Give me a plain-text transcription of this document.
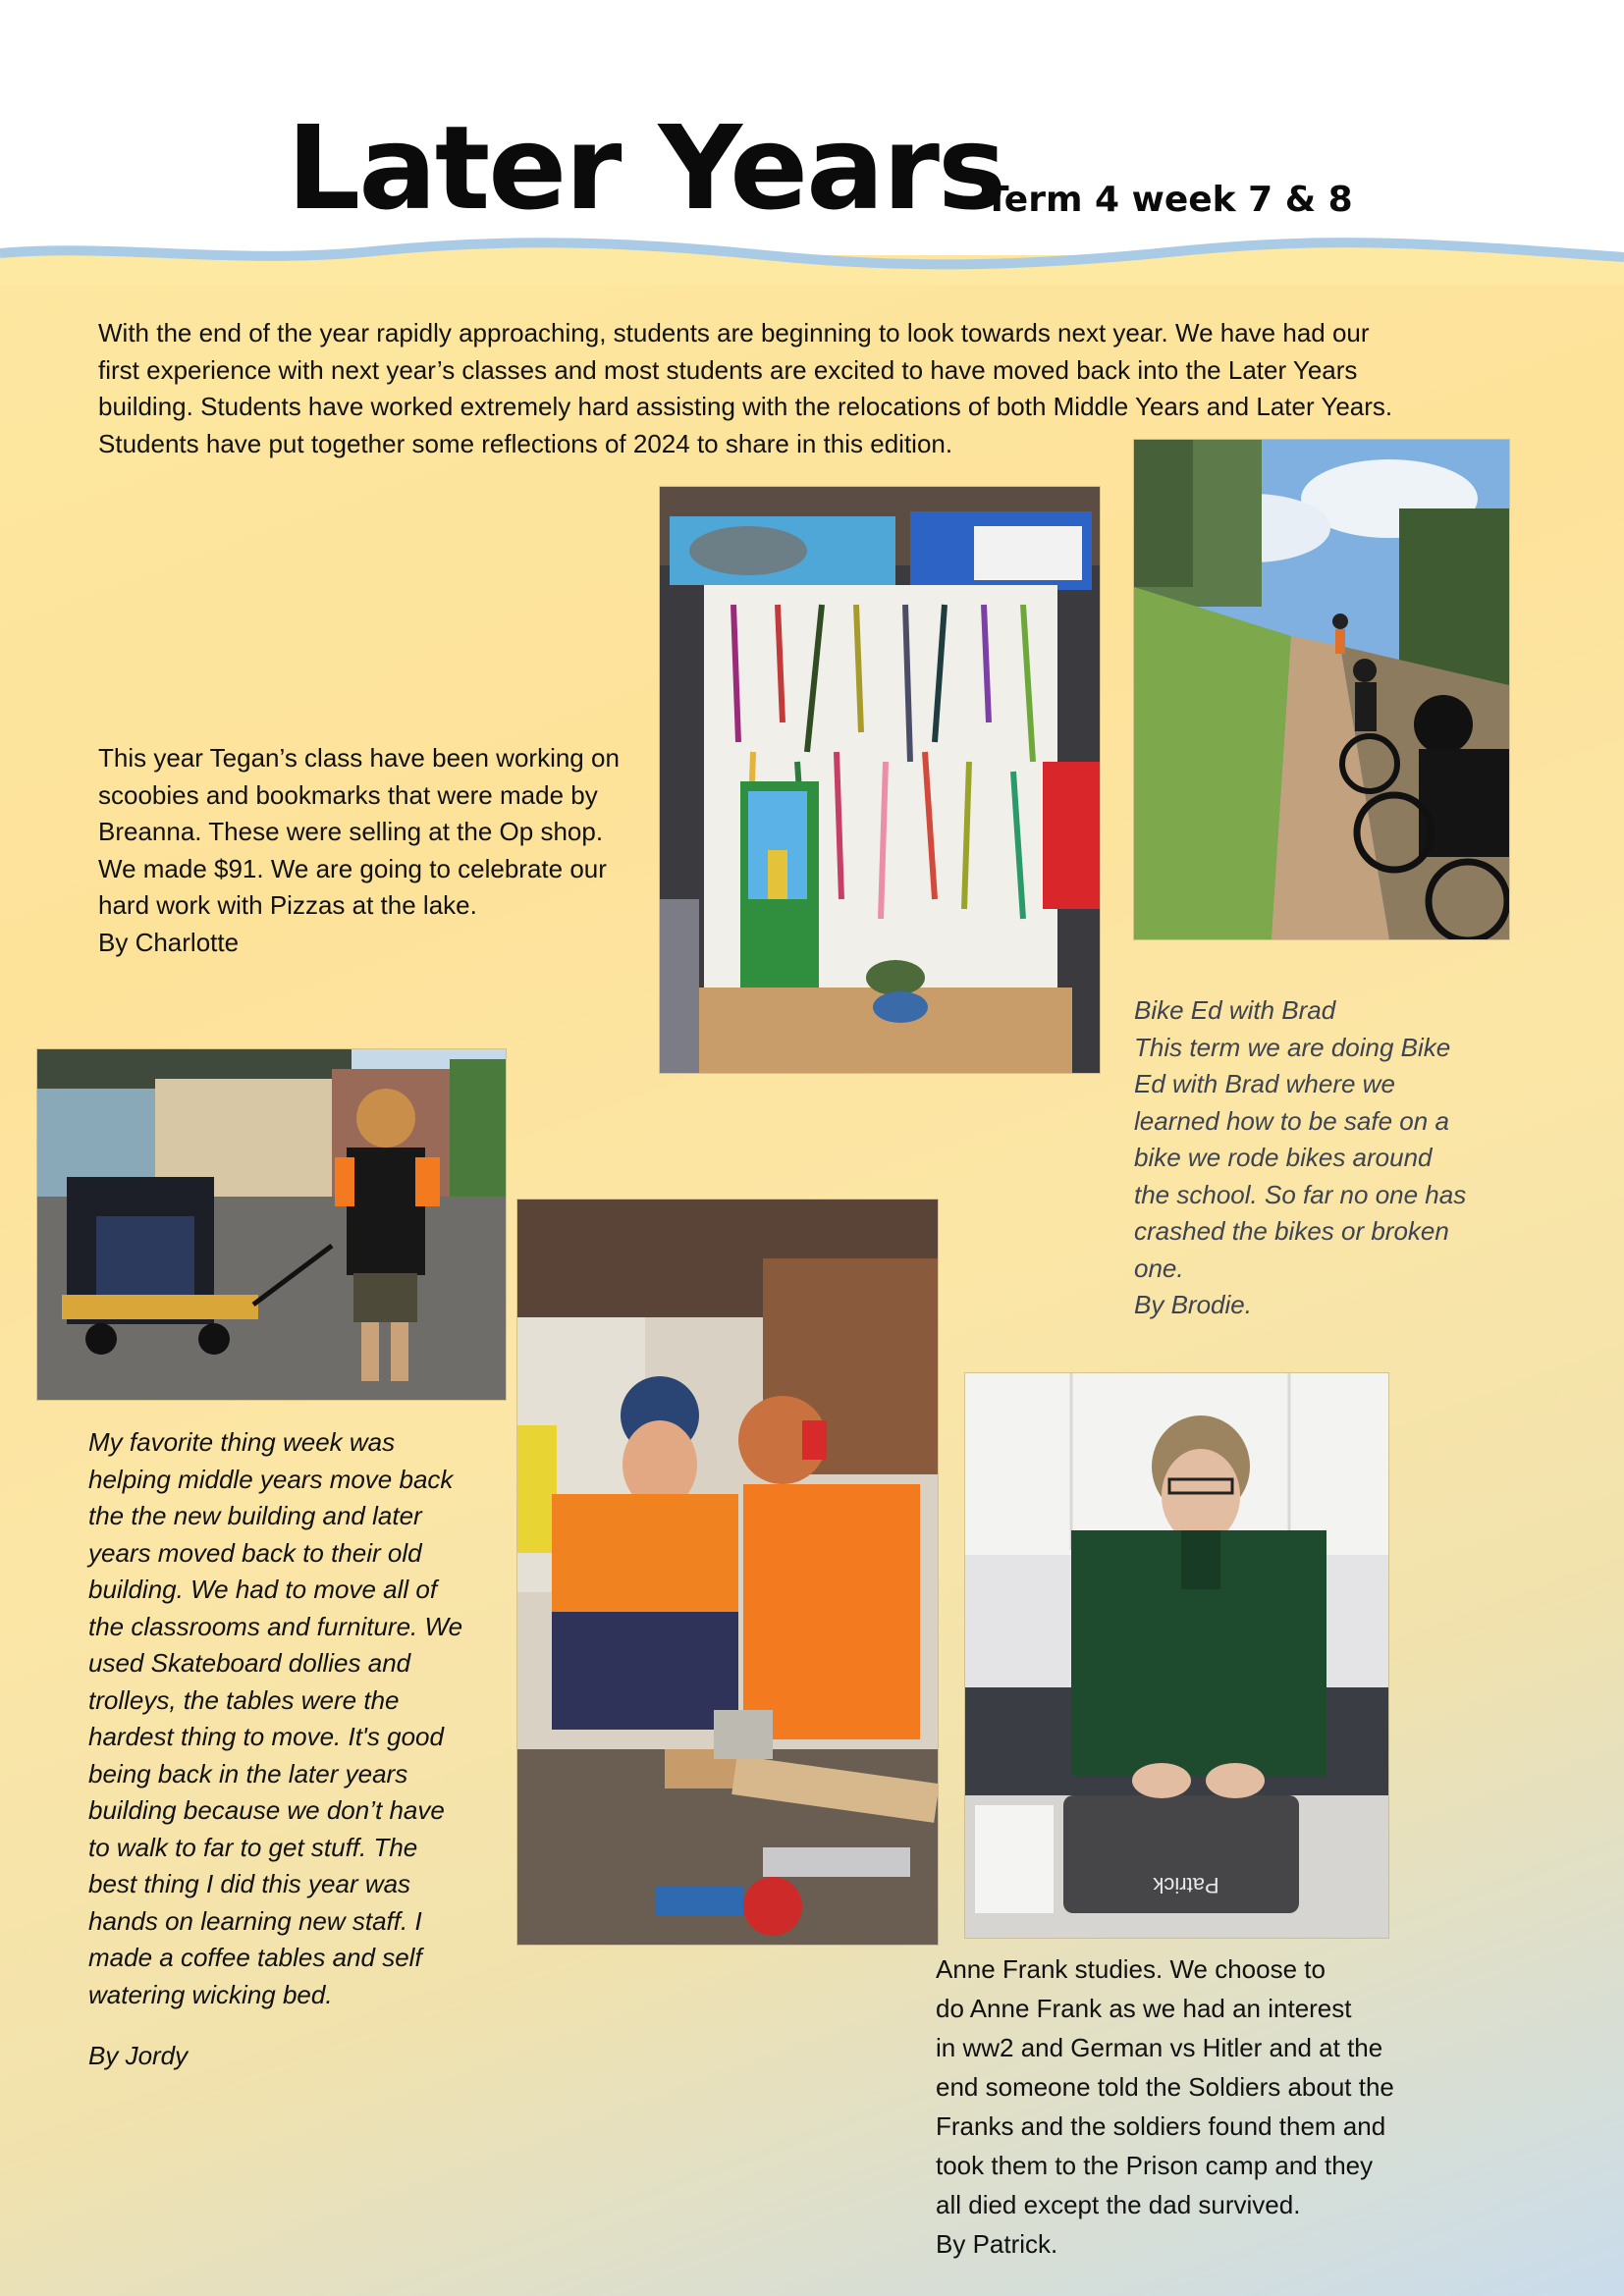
Later Years
Term 4 week 7 & 8
With the end of the year rapidly approaching, students are beginning to look towards next year. We have had our
first experience with next year’s classes and most students are excited to have moved back into the Later Years
building. Students have worked extremely hard assisting with the relocations of both Middle Years and Later Years.
Students have put together some reflections of 2024 to share in this edition.
This year Tegan’s class have been working on
scoobies and bookmarks that were made by
Breanna. These were selling at the Op shop.
We made $91. We are going to celebrate our
hard work with Pizzas at the lake.
By Charlotte
Bike Ed with Brad
This term we are doing Bike
Ed with Brad where we
learned how to be safe on a
bike we rode bikes around
the school. So far no one has
crashed the bikes or broken
one.
By Brodie.
Patrick
My favorite thing week was
helping middle years move back
the the new building and later
years moved back to their old
building. We had to move all of
the classrooms and furniture. We
used Skateboard dollies and
trolleys, the tables were the
hardest thing to move. It's good
being back in the later years
building because we don’t have
to walk to far to get stuff. The
best thing I did this year was
hands on learning new staff. I
made a coffee tables and self
watering wicking bed.
By Jordy
Anne Frank studies. We choose to
do Anne Frank as we had an interest
in ww2 and German vs Hitler and at the
end someone told the Soldiers about the
Franks and the soldiers found them and
took them to the Prison camp and they
all died except the dad survived.
By Patrick.
